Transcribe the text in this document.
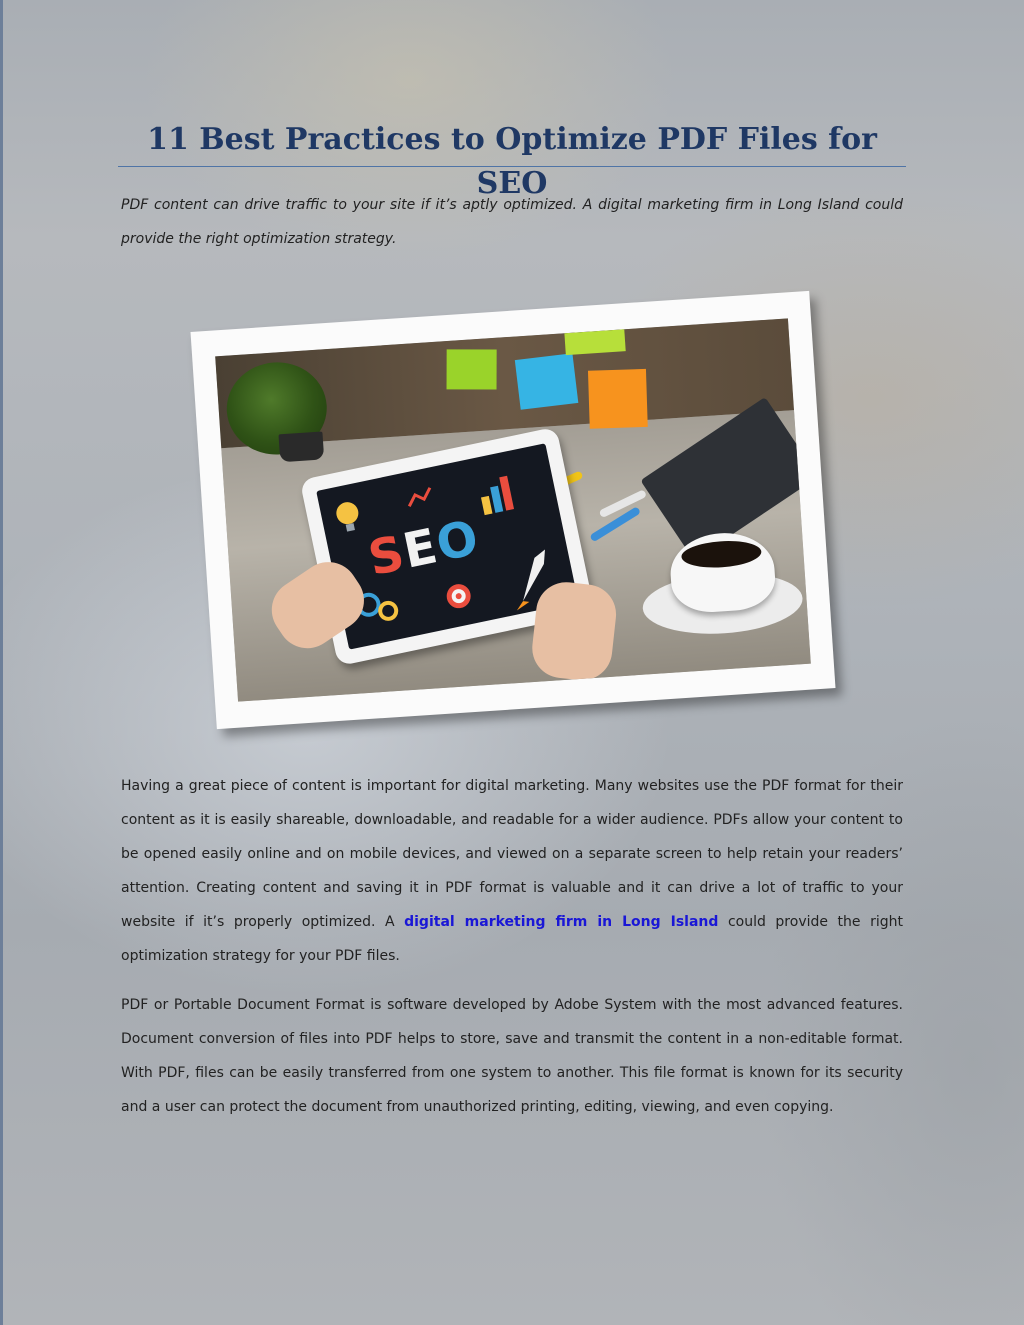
11 Best Practices to Optimize PDF Files for SEO

PDF content can drive traffic to your site if it’s aptly optimized. A digital marketing firm in Long Island could provide the right optimization strategy.

SEO

Having a great piece of content is important for digital marketing. Many websites use the PDF format for their content as it is easily shareable, downloadable, and readable for a wider audience. PDFs allow your content to be opened easily online and on mobile devices, and viewed on a separate screen to help retain your readers’ attention. Creating content and saving it in PDF format is valuable and it can drive a lot of traffic to your website if it’s properly optimized. A digital marketing firm in Long Island could provide the right optimization strategy for your PDF files.

PDF or Portable Document Format is software developed by Adobe System with the most advanced features. Document conversion of files into PDF helps to store, save and transmit the content in a non-editable format. With PDF, files can be easily transferred from one system to another. This file format is known for its security and a user can protect the document from unauthorized printing, editing, viewing, and even copying.
